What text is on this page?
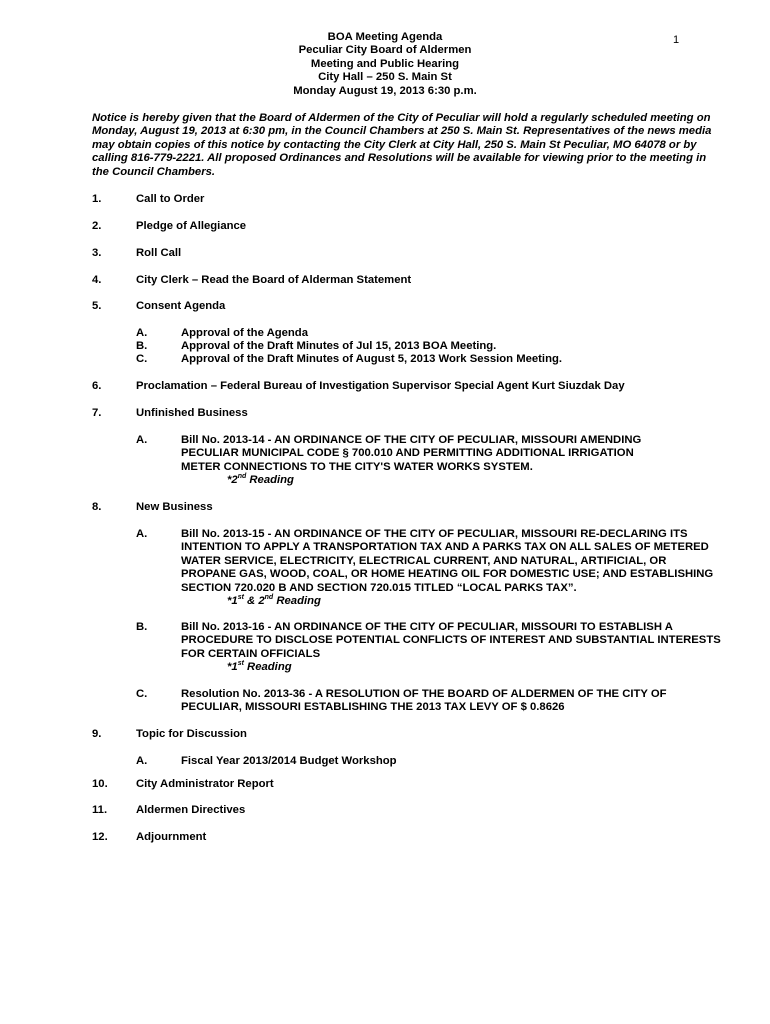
1
BOA Meeting Agenda
Peculiar City Board of Aldermen
Meeting and Public Hearing
City Hall – 250 S. Main St
Monday August 19, 2013 6:30 p.m.
Notice is hereby given that the Board of Aldermen of the City of Peculiar will hold a regularly scheduled meeting on
Monday, August 19, 2013 at 6:30 pm, in the Council Chambers at 250 S. Main St. Representatives of the news media
may obtain copies of this notice by contacting the City Clerk at City Hall, 250 S. Main St Peculiar, MO 64078 or by
calling 816-779-2221. All proposed Ordinances and Resolutions will be available for viewing prior to the meeting in
the Council Chambers.
1.	Call to Order
2.	Pledge of Allegiance
3.	Roll Call
4.	City Clerk – Read the Board of Alderman Statement
5.	Consent Agenda
A.	Approval of the Agenda
B.	Approval of the Draft Minutes of Jul 15, 2013 BOA Meeting.
C.	Approval of the Draft Minutes of August 5, 2013 Work Session Meeting.
6.	Proclamation – Federal Bureau of Investigation Supervisor Special Agent Kurt Siuzdak Day
7.	Unfinished Business
A.	Bill No. 2013-14 - AN ORDINANCE OF THE CITY OF PECULIAR, MISSOURI AMENDING
PECULIAR MUNICIPAL CODE § 700.010 AND PERMITTING ADDITIONAL IRRIGATION
METER CONNECTIONS TO THE CITY'S WATER WORKS SYSTEM.
*2nd Reading
8.	New Business
A.	Bill No. 2013-15 - AN ORDINANCE OF THE CITY OF PECULIAR, MISSOURI RE-DECLARING ITS
INTENTION TO APPLY A TRANSPORTATION TAX AND A PARKS TAX ON ALL SALES OF METERED
WATER SERVICE, ELECTRICITY, ELECTRICAL CURRENT, AND NATURAL, ARTIFICIAL, OR
PROPANE GAS, WOOD, COAL, OR HOME HEATING OIL FOR DOMESTIC USE; AND ESTABLISHING
SECTION 720.020 B AND SECTION 720.015 TITLED “LOCAL PARKS TAX”.
*1st & 2nd Reading
B.	Bill No. 2013-16 - AN ORDINANCE OF THE CITY OF PECULIAR, MISSOURI TO ESTABLISH A
PROCEDURE TO DISCLOSE POTENTIAL CONFLICTS OF INTEREST AND SUBSTANTIAL INTERESTS
FOR CERTAIN OFFICIALS
*1st Reading
C.	Resolution No. 2013-36 - A RESOLUTION OF THE BOARD OF ALDERMEN OF THE CITY OF
PECULIAR, MISSOURI ESTABLISHING THE 2013 TAX LEVY OF $ 0.8626
9.	Topic for Discussion
A.	Fiscal Year 2013/2014 Budget Workshop
10.	City Administrator Report
11.	Aldermen Directives
12.	Adjournment
